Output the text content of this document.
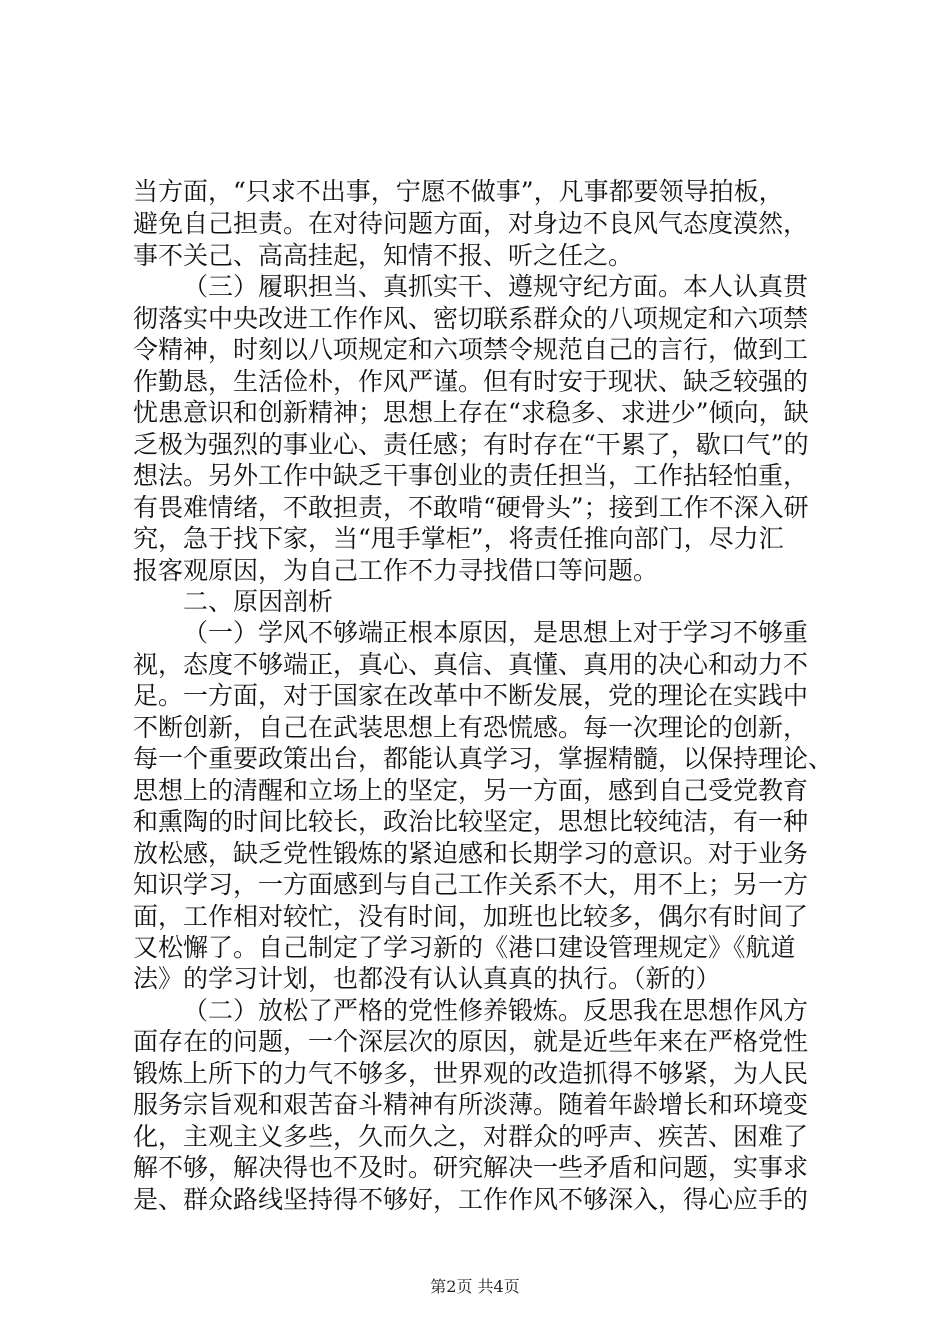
当方面，“只求不出事，宁愿不做事”，凡事都要领导拍板，
避免自己担责。在对待问题方面，对身边不良风气态度漠然，
事不关己、高高挂起，知情不报、听之任之。
（三）履职担当、真抓实干、遵规守纪方面。本人认真贯
彻落实中央改进工作作风、密切联系群众的八项规定和六项禁
令精神，时刻以八项规定和六项禁令规范自己的言行，做到工
作勤恳，生活俭朴，作风严谨。但有时安于现状、缺乏较强的
忧患意识和创新精神；思想上存在“求稳多、求进少”倾向，缺
乏极为强烈的事业心、责任感；有时存在“干累了，歇口气”的
想法。另外工作中缺乏干事创业的责任担当，工作拈轻怕重，
有畏难情绪，不敢担责，不敢啃“硬骨头”；接到工作不深入研
究，急于找下家，当“甩手掌柜”，将责任推向部门，尽力汇
报客观原因，为自己工作不力寻找借口等问题。
二、原因剖析
（一）学风不够端正根本原因，是思想上对于学习不够重
视，态度不够端正，真心、真信、真懂、真用的决心和动力不
足。一方面，对于国家在改革中不断发展，党的理论在实践中
不断创新，自己在武装思想上有恐慌感。每一次理论的创新，
每一个重要政策出台，都能认真学习，掌握精髓，以保持理论、
思想上的清醒和立场上的坚定，另一方面，感到自己受党教育
和熏陶的时间比较长，政治比较坚定，思想比较纯洁，有一种
放松感，缺乏党性锻炼的紧迫感和长期学习的意识。对于业务
知识学习，一方面感到与自己工作关系不大，用不上；另一方
面，工作相对较忙，没有时间，加班也比较多，偶尔有时间了
又松懈了。自己制定了学习新的《港口建设管理规定》《航道
法》的学习计划，也都没有认认真真的执行。（新的）
（二）放松了严格的党性修养锻炼。反思我在思想作风方
面存在的问题，一个深层次的原因，就是近些年来在严格党性
锻炼上所下的力气不够多，世界观的改造抓得不够紧，为人民
服务宗旨观和艰苦奋斗精神有所淡薄。随着年龄增长和环境变
化，主观主义多些，久而久之，对群众的呼声、疾苦、困难了
解不够，解决得也不及时。研究解决一些矛盾和问题，实事求
是、群众路线坚持得不够好，工作作风不够深入，得心应手的
第2页 共4页
